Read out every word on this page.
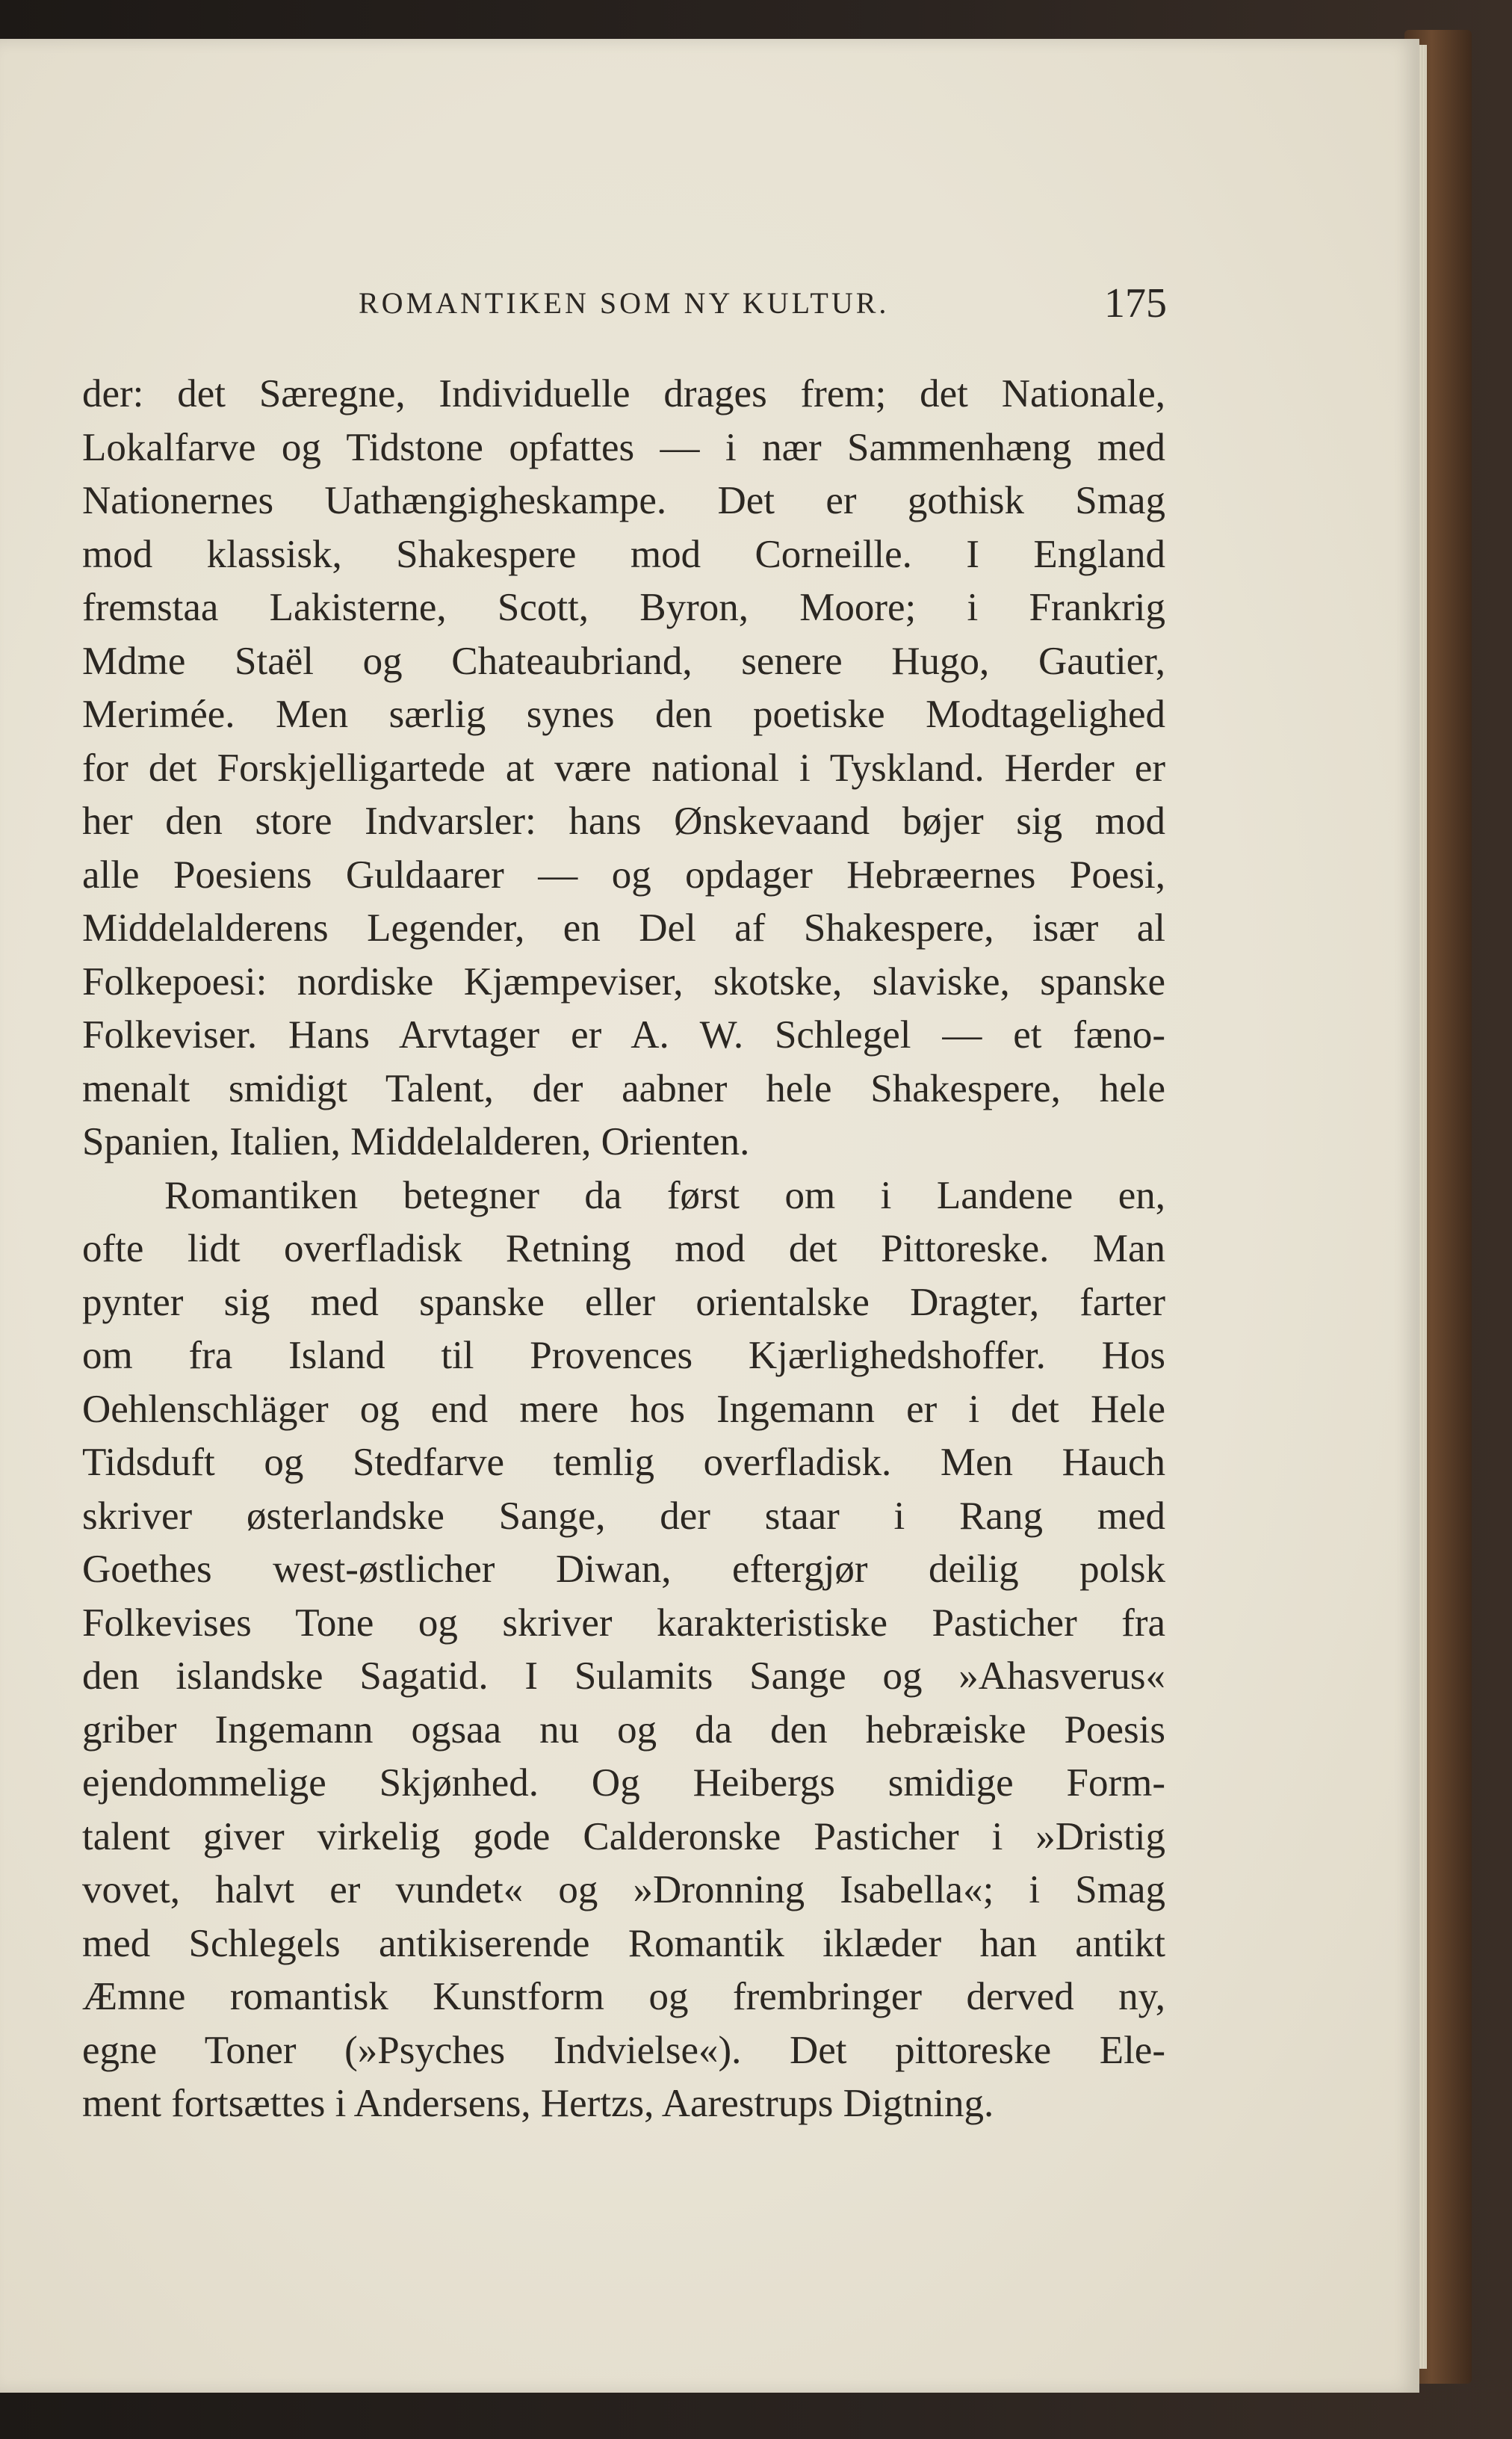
ROMANTIKEN SOM NY KULTUR.	175
der: det Særegne, Individuelle drages frem; det Nationale,
Lokalfarve og Tidstone opfattes — i nær Sammenhæng med
Nationernes Uathængigheskampe. Det er gothisk Smag
mod klassisk, Shakespere mod Corneille. I England
fremstaa Lakisterne, Scott, Byron, Moore; i Frankrig
Mdme Staël og Chateaubriand, senere Hugo, Gautier,
Merimée. Men særlig synes den poetiske Modtagelighed
for det Forskjelligartede at være national i Tyskland. Herder er
her den store Indvarsler: hans Ønskevaand bøjer sig mod
alle Poesiens Guldaarer — og opdager Hebræernes Poesi,
Middelalderens Legender, en Del af Shakespere, især al
Folkepoesi: nordiske Kjæmpeviser, skotske, slaviske, spanske
Folkeviser. Hans Arvtager er A. W. Schlegel — et fæno-
menalt smidigt Talent, der aabner hele Shakespere, hele
Spanien, Italien, Middelalderen, Orienten.
Romantiken betegner da først om i Landene en,
ofte lidt overfladisk Retning mod det Pittoreske. Man
pynter sig med spanske eller orientalske Dragter, farter
om fra Island til Provences Kjærlighedshoffer. Hos
Oehlenschläger og end mere hos Ingemann er i det Hele
Tidsduft og Stedfarve temlig overfladisk. Men Hauch
skriver østerlandske Sange, der staar i Rang med
Goethes west-østlicher Diwan, eftergjør deilig polsk
Folkevises Tone og skriver karakteristiske Pasticher fra
den islandske Sagatid. I Sulamits Sange og »Ahasverus«
griber Ingemann ogsaa nu og da den hebræiske Poesis
ejendommelige Skjønhed. Og Heibergs smidige Form-
talent giver virkelig gode Calderonske Pasticher i »Dristig
vovet, halvt er vundet« og »Dronning Isabella«; i Smag
med Schlegels antikiserende Romantik iklæder han antikt
Æmne romantisk Kunstform og frembringer derved ny,
egne Toner (»Psyches Indvielse«). Det pittoreske Ele-
ment fortsættes i Andersens, Hertzs, Aarestrups Digtning.
